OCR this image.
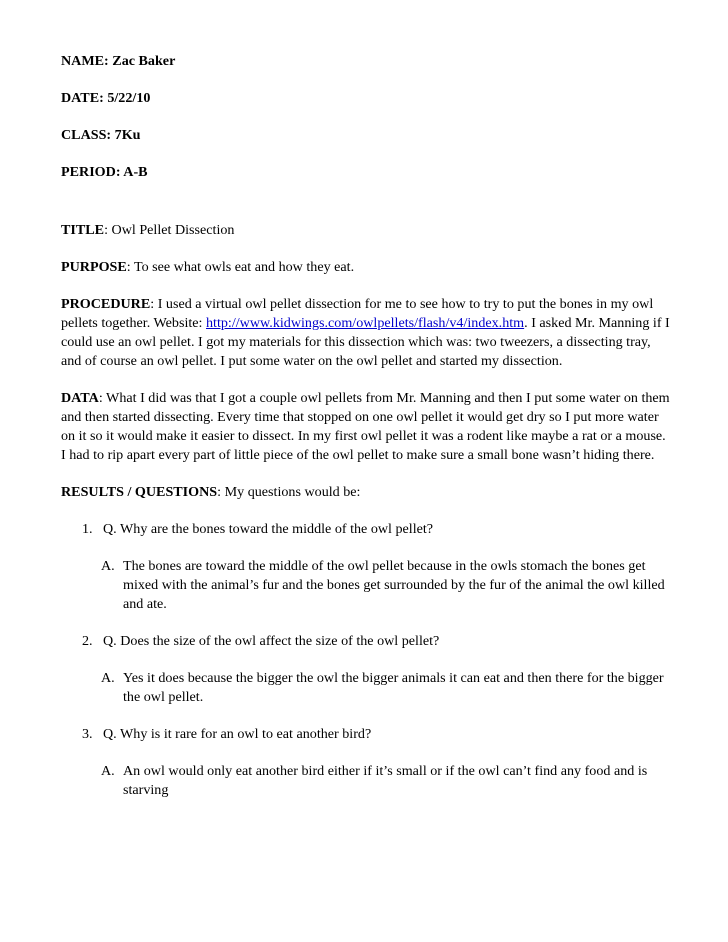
NAME: Zac Baker

DATE: 5/22/10

CLASS: 7Ku

PERIOD: A-B

TITLE: Owl Pellet Dissection

PURPOSE: To see what owls eat and how they eat.

PROCEDURE: I used a virtual owl pellet dissection for me to see how to try to put the bones in my owl pellets together. Website: http://www.kidwings.com/owlpellets/flash/v4/index.htm. I asked Mr. Manning if I could use an owl pellet. I got my materials for this dissection which was: two tweezers, a dissecting tray, and of course an owl pellet. I put some water on the owl pellet and started my dissection.

DATA: What I did was that I got a couple owl pellets from Mr. Manning and then I put some water on them and then started dissecting. Every time that stopped on one owl pellet it would get dry so I put more water on it so it would make it easier to dissect. In my first owl pellet it was a rodent like maybe a rat or a mouse. I had to rip apart every part of little piece of the owl pellet to make sure a small bone wasn’t hiding there.

RESULTS / QUESTIONS: My questions would be:

1. Q. Why are the bones toward the middle of the owl pellet?
A. The bones are toward the middle of the owl pellet because in the owls stomach the bones get mixed with the animal’s fur and the bones get surrounded by the fur of the animal the owl killed and ate.
2. Q. Does the size of the owl affect the size of the owl pellet?
A. Yes it does because the bigger the owl the bigger animals it can eat and then there for the bigger the owl pellet.
3. Q. Why is it rare for an owl to eat another bird?
A. An owl would only eat another bird either if it’s small or if the owl can’t find any food and is starving
